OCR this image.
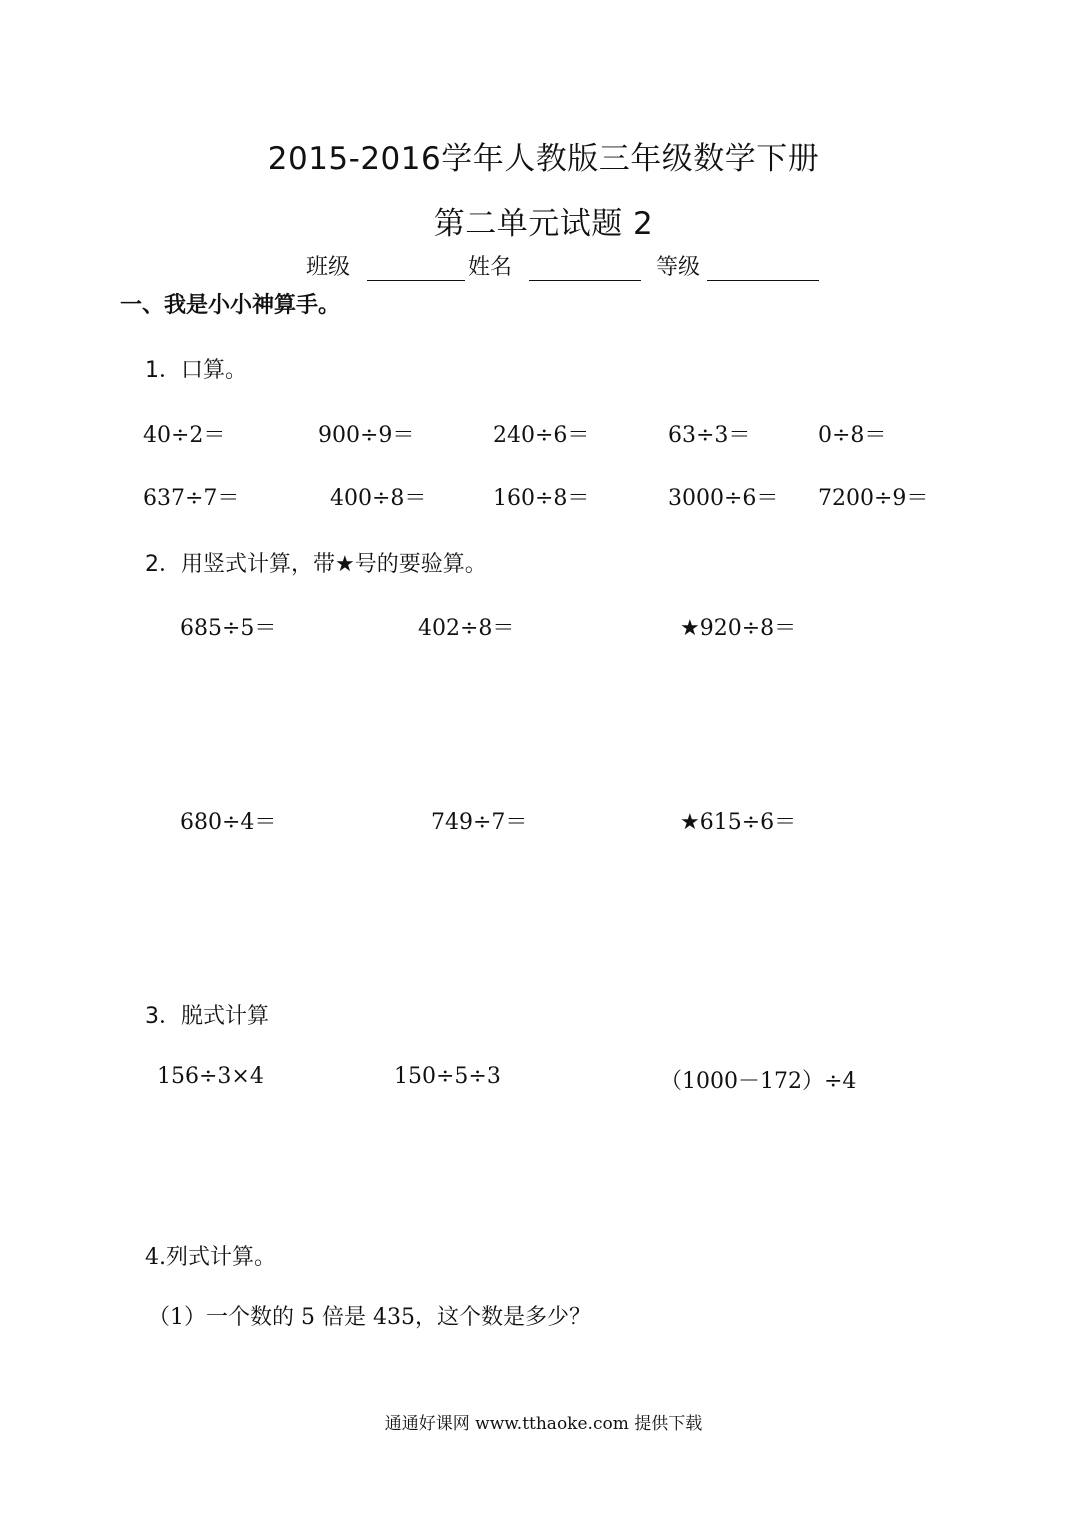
2015-2016学年人教版三年级数学下册
第二单元试题 2
班级	姓名	等级
一、我是小小神算手。
1．口算。
40÷2＝	900÷9＝	240÷6＝	63÷3＝	0÷8＝
637÷7＝	400÷8＝	160÷8＝	3000÷6＝ 7200÷9＝
2．用竖式计算，带★号的要验算。
685÷5＝	402÷8＝	★920÷8＝
680÷4＝	749÷7＝	★615÷6＝
3．脱式计算
156÷3×4	150÷5÷3	（1000－172）÷4
4.列式计算。
（1）一个数的 5 倍是 435，这个数是多少？
通通好课网 www.tthaoke.com 提供下载
